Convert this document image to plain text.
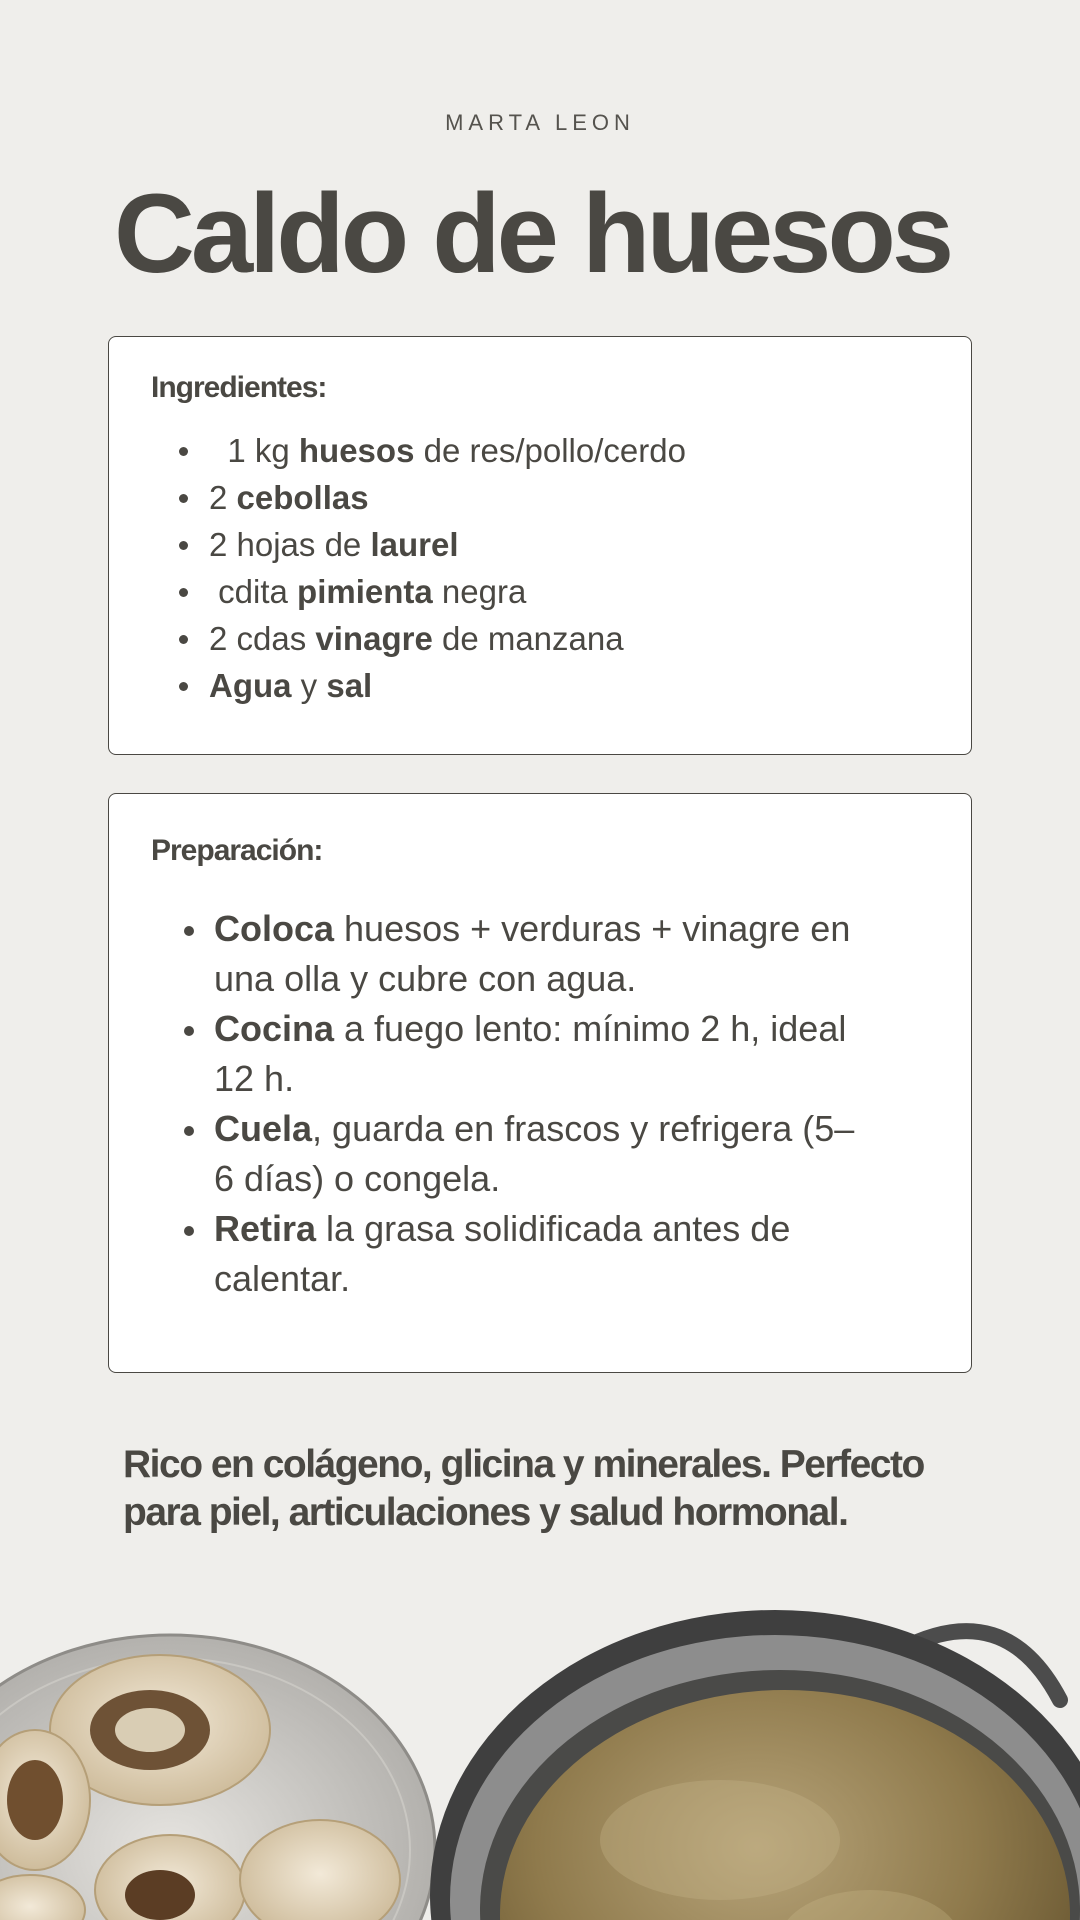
MARTA LEON
Caldo de huesos
Ingredientes:
1 kg huesos de res/pollo/cerdo
2 cebollas
2 hojas de laurel
cdita pimienta negra
2 cdas vinagre de manzana
Agua y sal
Preparación:
Coloca huesos + verduras + vinagre en una olla y cubre con agua.
Cocina a fuego lento: mínimo 2 h, ideal 12 h.
Cuela, guarda en frascos y refrigera (5–6 días) o congela.
Retira la grasa solidificada antes de calentar.

Rico en colágeno, glicina y minerales. Perfecto para piel, articulaciones y salud hormonal.
